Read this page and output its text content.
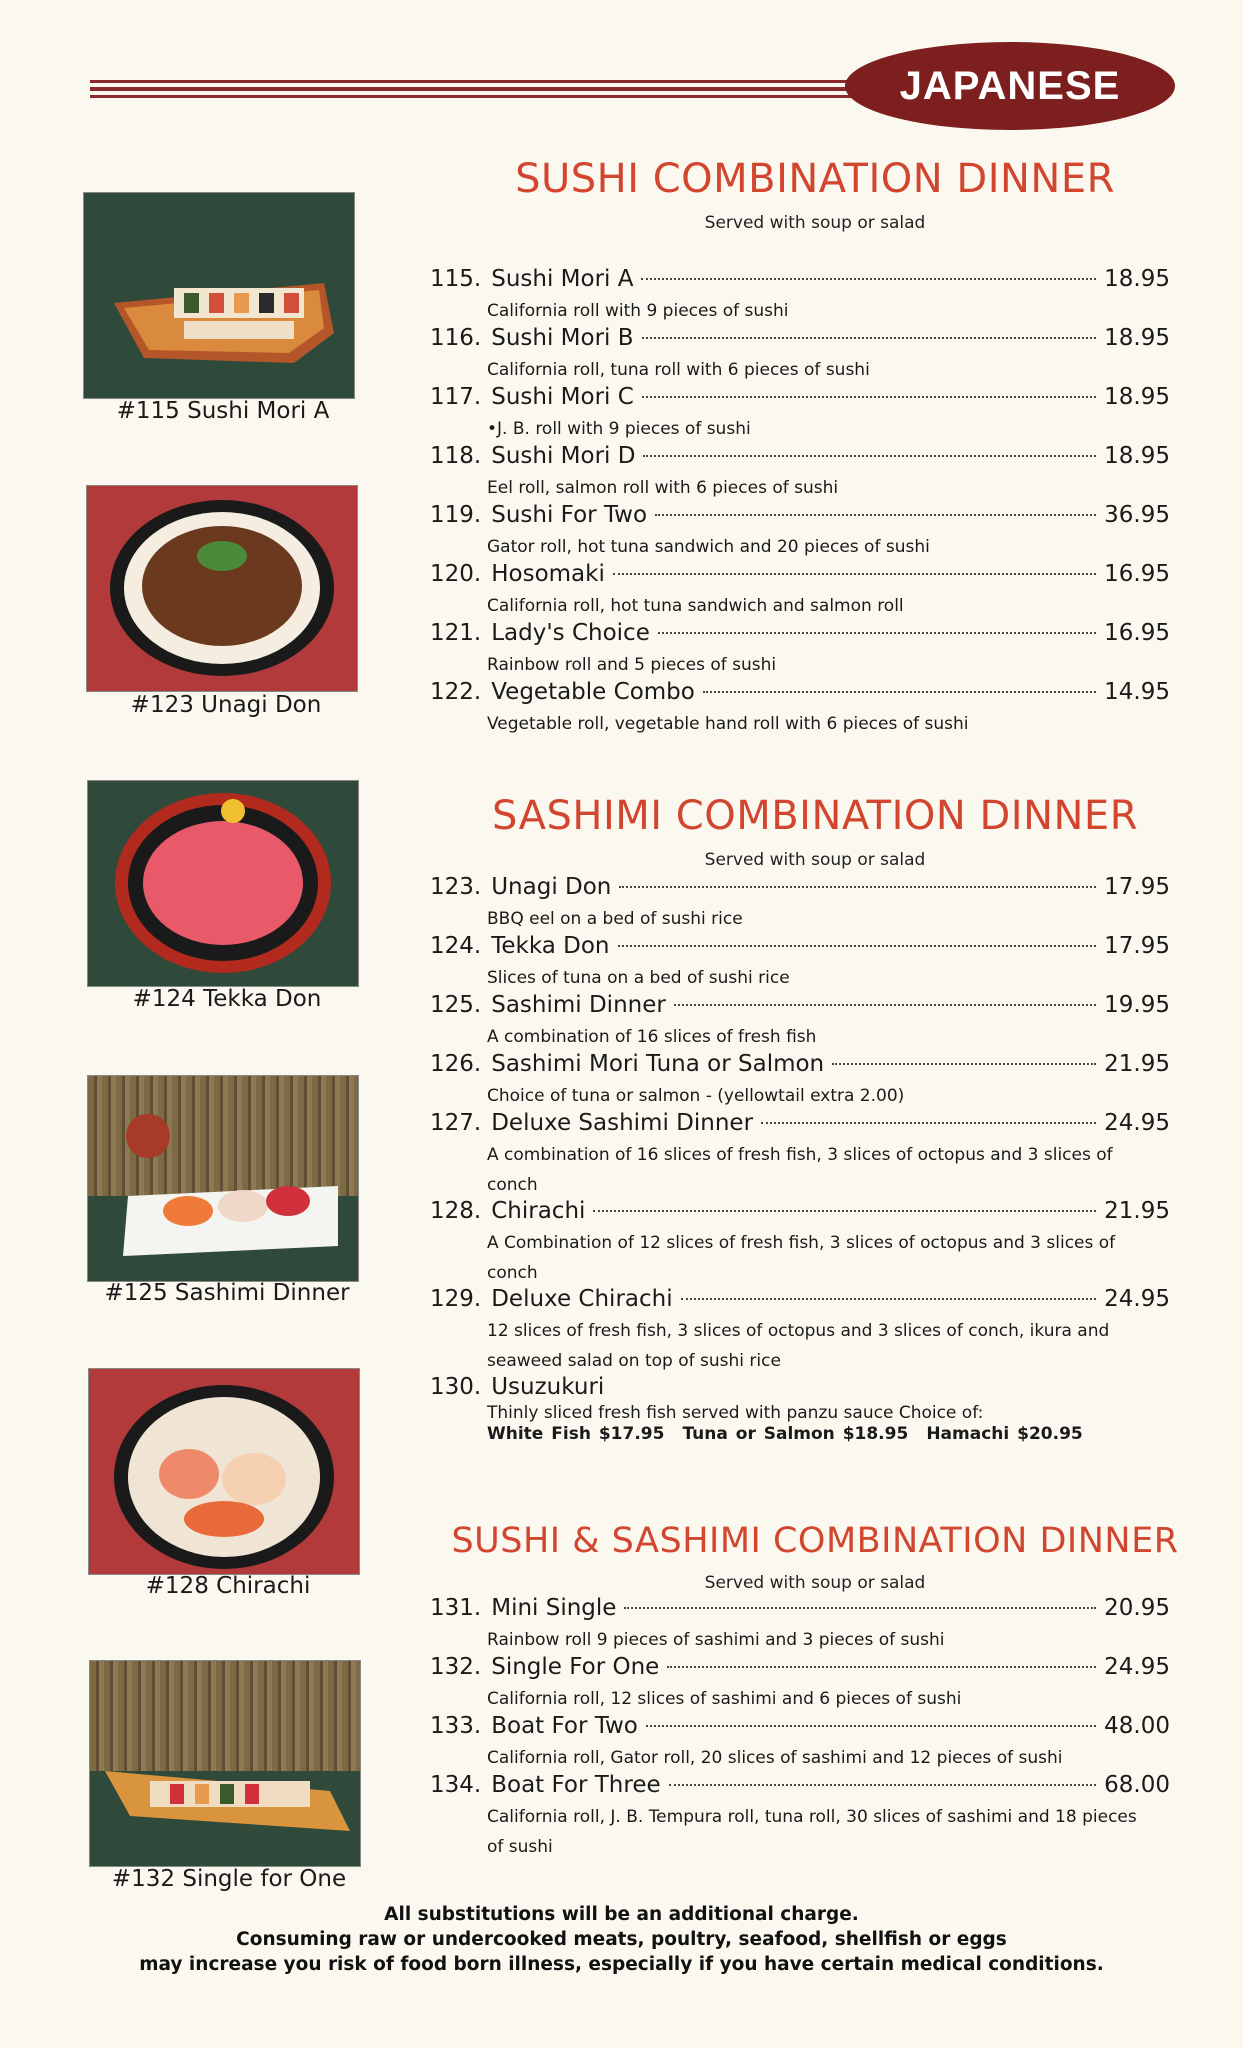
JAPANESE
#115 Sushi Mori A
#123 Unagi Don
#124 Tekka Don
#125 Sashimi Dinner
#128 Chirachi
#132 Single for One
SUSHI COMBINATION DINNER
Served with soup or salad
115. Sushi Mori A	18.95
California roll with 9 pieces of sushi
116. Sushi Mori B	18.95
California roll, tuna roll with 6 pieces of sushi
117. Sushi Mori C	18.95
•J. B. roll with 9 pieces of sushi
118. Sushi Mori D	18.95
Eel roll, salmon roll with 6 pieces of sushi
119. Sushi For Two	36.95
Gator roll, hot tuna sandwich and 20 pieces of sushi
120. Hosomaki	16.95
California roll, hot tuna sandwich and salmon roll
121. Lady's Choice	16.95
Rainbow roll and 5 pieces of sushi
122. Vegetable Combo	14.95
Vegetable roll, vegetable hand roll with 6 pieces of sushi
SASHIMI COMBINATION DINNER
Served with soup or salad
123. Unagi Don	17.95
BBQ eel on a bed of sushi rice
124. Tekka Don	17.95
Slices of tuna on a bed of sushi rice
125. Sashimi Dinner	19.95
A combination of 16 slices of fresh fish
126. Sashimi Mori Tuna or Salmon	21.95
Choice of tuna or salmon - (yellowtail extra 2.00)
127. Deluxe Sashimi Dinner	24.95
A combination of 16 slices of fresh fish, 3 slices of octopus and 3 slices of conch
128. Chirachi	21.95
A Combination of 12 slices of fresh fish, 3 slices of octopus and 3 slices of conch
129. Deluxe Chirachi	24.95
12 slices of fresh fish, 3 slices of octopus and 3 slices of conch, ikura and seaweed salad on top of sushi rice
130. Usuzukuri
Thinly sliced fresh fish served with panzu sauce Choice of:
White Fish $17.95 Tuna or Salmon $18.95 Hamachi $20.95
SUSHI & SASHIMI COMBINATION DINNER
Served with soup or salad
131. Mini Single	20.95
Rainbow roll 9 pieces of sashimi and 3 pieces of sushi
132. Single For One	24.95
California roll, 12 slices of sashimi and 6 pieces of sushi
133. Boat For Two	48.00
California roll, Gator roll, 20 slices of sashimi and 12 pieces of sushi
134. Boat For Three	68.00
California roll, J. B. Tempura roll, tuna roll, 30 slices of sashimi and 18 pieces of sushi
All substitutions will be an additional charge.
Consuming raw or undercooked meats, poultry, seafood, shellfish or eggs
may increase you risk of food born illness, especially if you have certain medical conditions.
